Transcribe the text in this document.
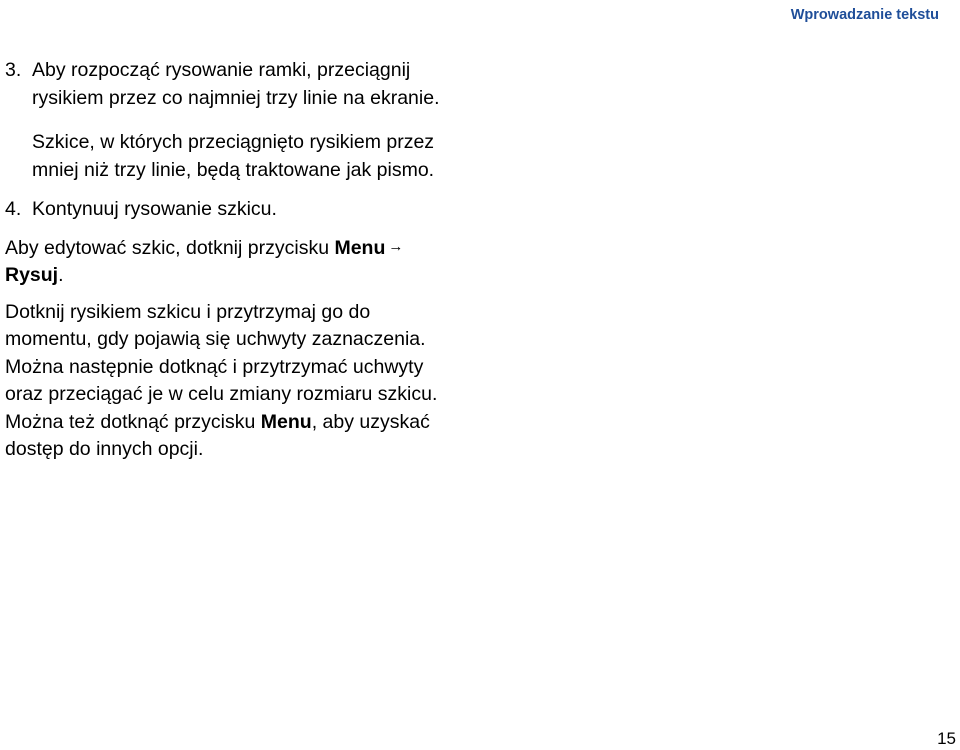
Wprowadzanie tekstu
3. Aby rozpocząć rysowanie ramki, przeciągnij rysikiem przez co najmniej trzy linie na ekranie.

Szkice, w których przeciągnięto rysikiem przez mniej niż trzy linie, będą traktowane jak pismo.

4. Kontynuuj rysowanie szkicu.

Aby edytować szkic, dotknij przycisku Menu → Rysuj.

Dotknij rysikiem szkicu i przytrzymaj go do momentu, gdy pojawią się uchwyty zaznaczenia. Można następnie dotknąć i przytrzymać uchwyty oraz przeciągać je w celu zmiany rozmiaru szkicu. Można też dotknąć przycisku Menu, aby uzyskać dostęp do innych opcji.

15
